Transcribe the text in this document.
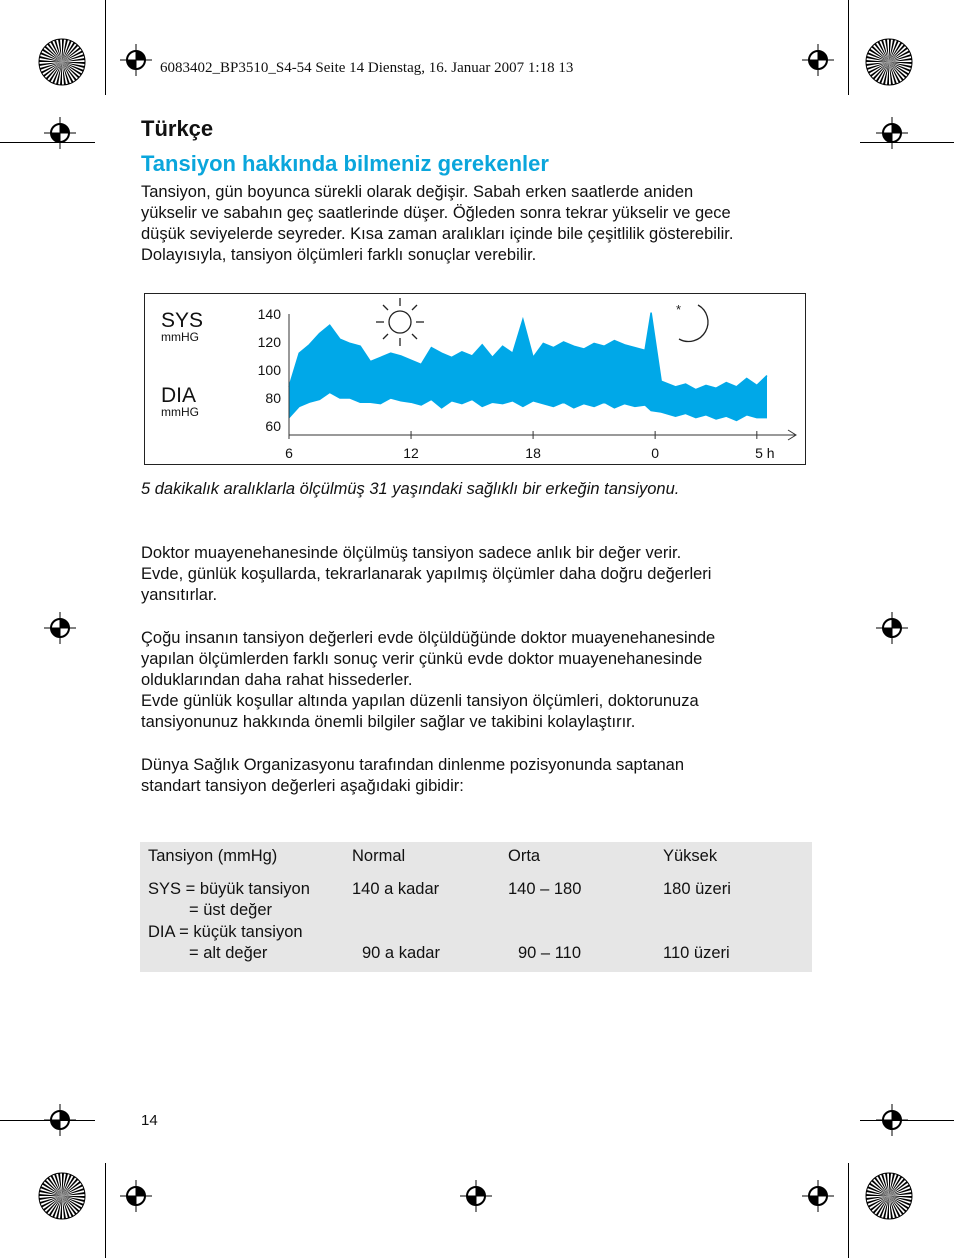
6083402_BP3510_S4-54 Seite 14 Dienstag, 16. Januar 2007 1:18 13
Türkçe
Tansiyon hakkında bilmeniz gerekenler
Tansiyon, gün boyunca sürekli olarak değişir. Sabah erken saatlerde aniden
yükselir ve sabahın geç saatlerinde düşer. Öğleden sonra tekrar yükselir ve gece
düşük seviyelerde seyreder. Kısa zaman aralıkları içinde bile çeşitlilik gösterebilir.
Dolayısıyla, tansiyon ölçümleri farklı sonuçlar verebilir.
SYS
mmHG
DIA
mmHG
140
120
100
80
60
6	12	18	0	5 h
*
5 dakikalık aralıklarla ölçülmüş 31 yaşındaki sağlıklı bir erkeğin tansiyonu.
Doktor muayenehanesinde ölçülmüş tansiyon sadece anlık bir değer verir.
Evde, günlük koşullarda, tekrarlanarak yapılmış ölçümler daha doğru değerleri
yansıtırlar.
Çoğu insanın tansiyon değerleri evde ölçüldüğünde doktor muayenehanesinde
yapılan ölçümlerden farklı sonuç verir çünkü evde doktor muayenehanesinde
olduklarından daha rahat hissederler.
Evde günlük koşullar altında yapılan düzenli tansiyon ölçümleri, doktorunuza
tansiyonunuz hakkında önemli bilgiler sağlar ve takibini kolaylaştırır.
Dünya Sağlık Organizasyonu tarafından dinlenme pozisyonunda saptanan
standart tansiyon değerleri aşağıdaki gibidir:
Tansiyon (mmHg)	Normal	Orta	Yüksek
SYS = büyük tansiyon
= üst değer
140 a kadar	140 – 180	180 üzeri
DIA = küçük tansiyon
= alt değer	90 a kadar	90 – 110	110 üzeri
14
